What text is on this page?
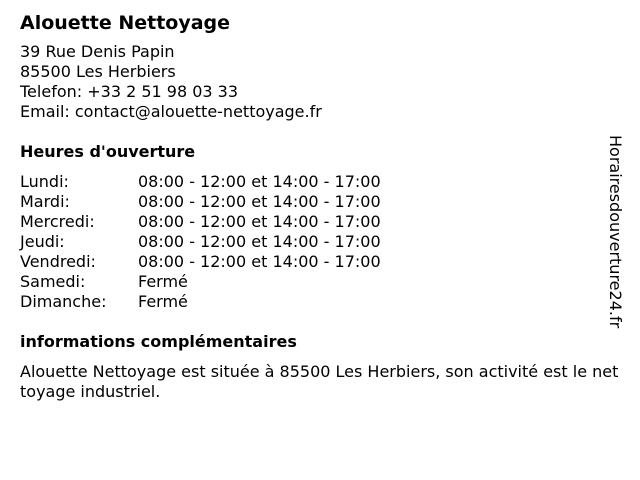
Alouette Nettoyage
39 Rue Denis Papin
85500 Les Herbiers
Telefon: +33 2 51 98 03 33
Email: contact@alouette-nettoyage.fr
Heures d'ouverture
Lundi:	08:00 - 12:00 et 14:00 - 17:00
Mardi:	08:00 - 12:00 et 14:00 - 17:00
Mercredi:	08:00 - 12:00 et 14:00 - 17:00
Jeudi:	08:00 - 12:00 et 14:00 - 17:00
Vendredi:	08:00 - 12:00 et 14:00 - 17:00
Samedi:	Fermé
Dimanche:	Fermé
informations complémentaires
Alouette Nettoyage est située à 85500 Les Herbiers, son activité est le nettoyage industriel.
Horairesdouverture24.fr
